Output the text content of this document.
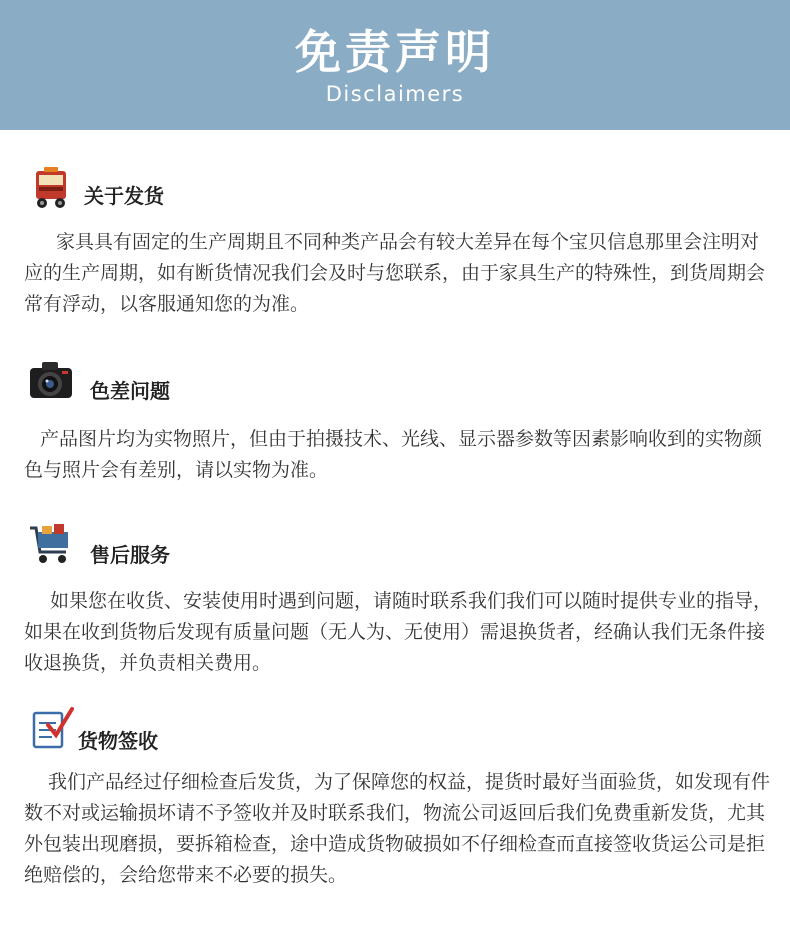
免责声明
Disclaimers
关于发货
家具具有固定的生产周期且不同种类产品会有较大差异在每个宝贝信息那里会注明对应的生产周期，如有断货情况我们会及时与您联系，由于家具生产的特殊性，到货周期会常有浮动，以客服通知您的为准。
色差问题
产品图片均为实物照片，但由于拍摄技术、光线、显示器参数等因素影响收到的实物颜色与照片会有差别，请以实物为准。
售后服务
如果您在收货、安装使用时遇到问题，请随时联系我们我们可以随时提供专业的指导，如果在收到货物后发现有质量问题（无人为、无使用）需退换货者，经确认我们无条件接收退换货，并负责相关费用。
货物签收
我们产品经过仔细检查后发货，为了保障您的权益，提货时最好当面验货，如发现有件数不对或运输损坏请不予签收并及时联系我们，物流公司返回后我们免费重新发货，尤其外包装出现磨损，要拆箱检查，途中造成货物破损如不仔细检查而直接签收货运公司是拒绝赔偿的，会给您带来不必要的损失。
